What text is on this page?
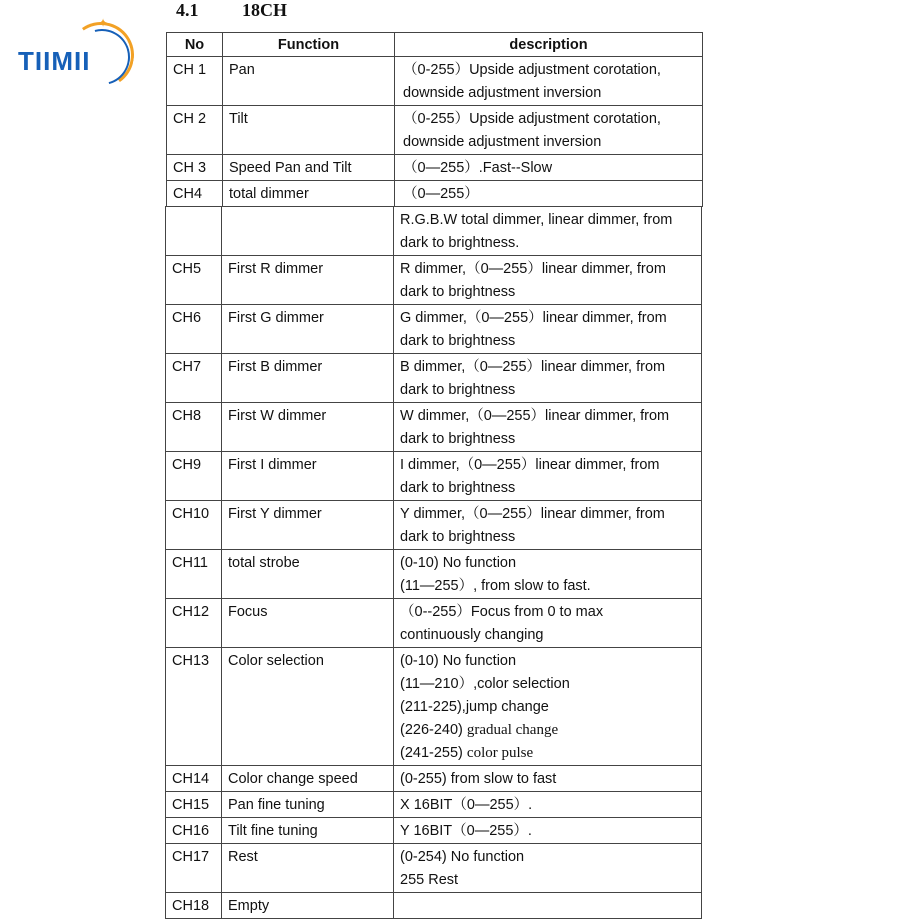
✦
TIIMII
4.1 18CH
No	Function	description
CH 1	Pan	（0-255）Upside adjustment corotation,
downside adjustment inversion

CH 2	Tilt	（0-255）Upside adjustment corotation,
downside adjustment inversion

CH 3	Speed Pan and Tilt	（0—255）.Fast--Slow

CH4	total dimmer	（0—255）

		R.G.B.W total dimmer, linear dimmer, from
dark to brightness.

CH5	First R dimmer	R dimmer,（0—255）linear dimmer, from
dark to brightness

CH6	First G dimmer	G dimmer,（0—255）linear dimmer, from
dark to brightness

CH7	First B dimmer	B dimmer,（0—255）linear dimmer, from
dark to brightness

CH8	First W dimmer	W dimmer,（0—255）linear dimmer, from
dark to brightness

CH9	First I dimmer	I dimmer,（0—255）linear dimmer, from
dark to brightness

CH10	First Y dimmer	Y dimmer,（0—255）linear dimmer, from
dark to brightness

CH11	total strobe	(0-10) No function
(11—255）, from slow to fast.

CH12	Focus	（0--255）Focus from 0 to max
continuously changing

CH13	Color selection	(0-10) No function
(11—210）,color selection
(211-225),jump change
(226-240) gradual change
(241-255) color pulse

CH14	Color change speed	(0-255) from slow to fast

CH15	Pan fine tuning	X 16BIT（0—255）.

CH16	Tilt fine tuning	Y 16BIT（0—255）.

CH17	Rest	(0-254) No function
255 Rest

CH18	Empty	
